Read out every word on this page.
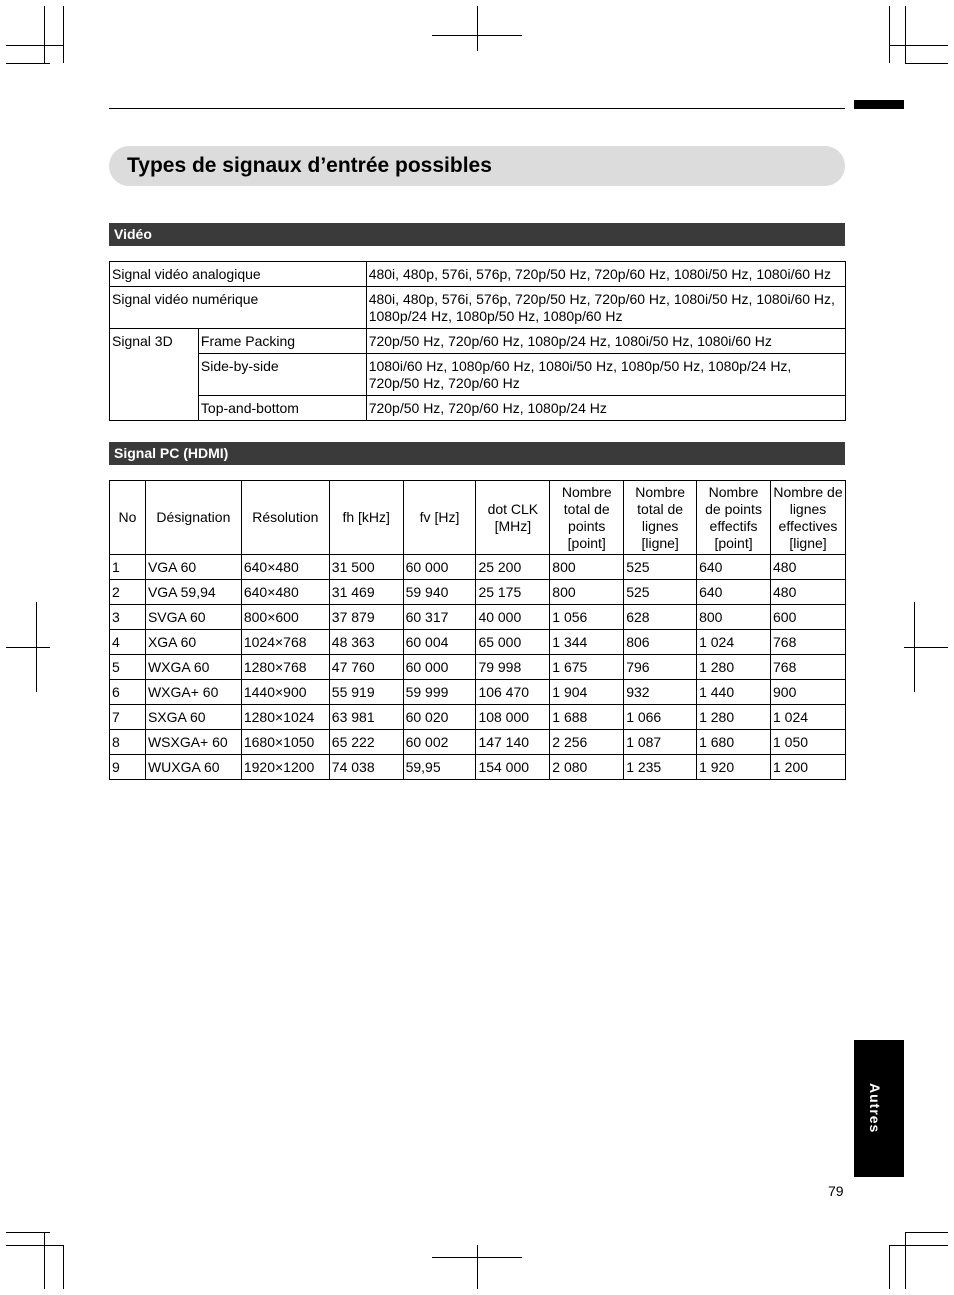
Types de signaux d’entrée possibles
Vidéo
Signal vidéo analogique		480i, 480p, 576i, 576p, 720p/50 Hz, 720p/60 Hz, 1080i/50 Hz, 1080i/60 Hz
Signal vidéo numérique		480i, 480p, 576i, 576p, 720p/50 Hz, 720p/60 Hz, 1080i/50 Hz, 1080i/60 Hz, 1080p/24 Hz, 1080p/50 Hz, 1080p/60 Hz
Signal 3D	Frame Packing	720p/50 Hz, 720p/60 Hz, 1080p/24 Hz, 1080i/50 Hz, 1080i/60 Hz
	Side-by-side	1080i/60 Hz, 1080p/60 Hz, 1080i/50 Hz, 1080p/50 Hz, 1080p/24 Hz, 720p/50 Hz, 720p/60 Hz
	Top-and-bottom	720p/50 Hz, 720p/60 Hz, 1080p/24 Hz
Signal PC (HDMI)
No	Désignation	Résolution	fh [kHz]	fv [Hz]	dot CLK [MHz]	Nombre total de points [point]	Nombre total de lignes [ligne]	Nombre de points effectifs [point]	Nombre de lignes effectives [ligne]
1	VGA 60	640×480	31 500	60 000	25 200	800	525	640	480
2	VGA 59,94	640×480	31 469	59 940	25 175	800	525	640	480
3	SVGA 60	800×600	37 879	60 317	40 000	1 056	628	800	600
4	XGA 60	1024×768	48 363	60 004	65 000	1 344	806	1 024	768
5	WXGA 60	1280×768	47 760	60 000	79 998	1 675	796	1 280	768
6	WXGA+ 60	1440×900	55 919	59 999	106 470	1 904	932	1 440	900
7	SXGA 60	1280×1024	63 981	60 020	108 000	1 688	1 066	1 280	1 024
8	WSXGA+ 60	1680×1050	65 222	60 002	147 140	2 256	1 087	1 680	1 050
9	WUXGA 60	1920×1200	74 038	59,95	154 000	2 080	1 235	1 920	1 200
Autres
79
